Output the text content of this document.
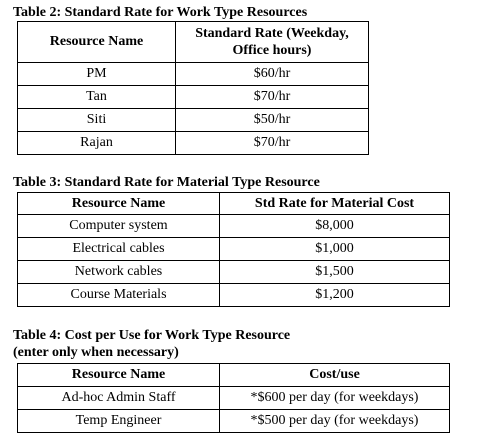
Table 2: Standard Rate for Work Type Resources
Resource Name	Standard Rate (Weekday,
Office hours)
PM	$60/hr
Tan	$70/hr
Siti	$50/hr
Rajan	$70/hr
Table 3: Standard Rate for Material Type Resource
Resource Name	Std Rate for Material Cost
Computer system	$8,000
Electrical cables	$1,000
Network cables	$1,500
Course Materials	$1,200
Table 4: Cost per Use for Work Type Resource
(enter only when necessary)
Resource Name	Cost/use
Ad-hoc Admin Staff	*$600 per day (for weekdays)
Temp Engineer	*$500 per day (for weekdays)
